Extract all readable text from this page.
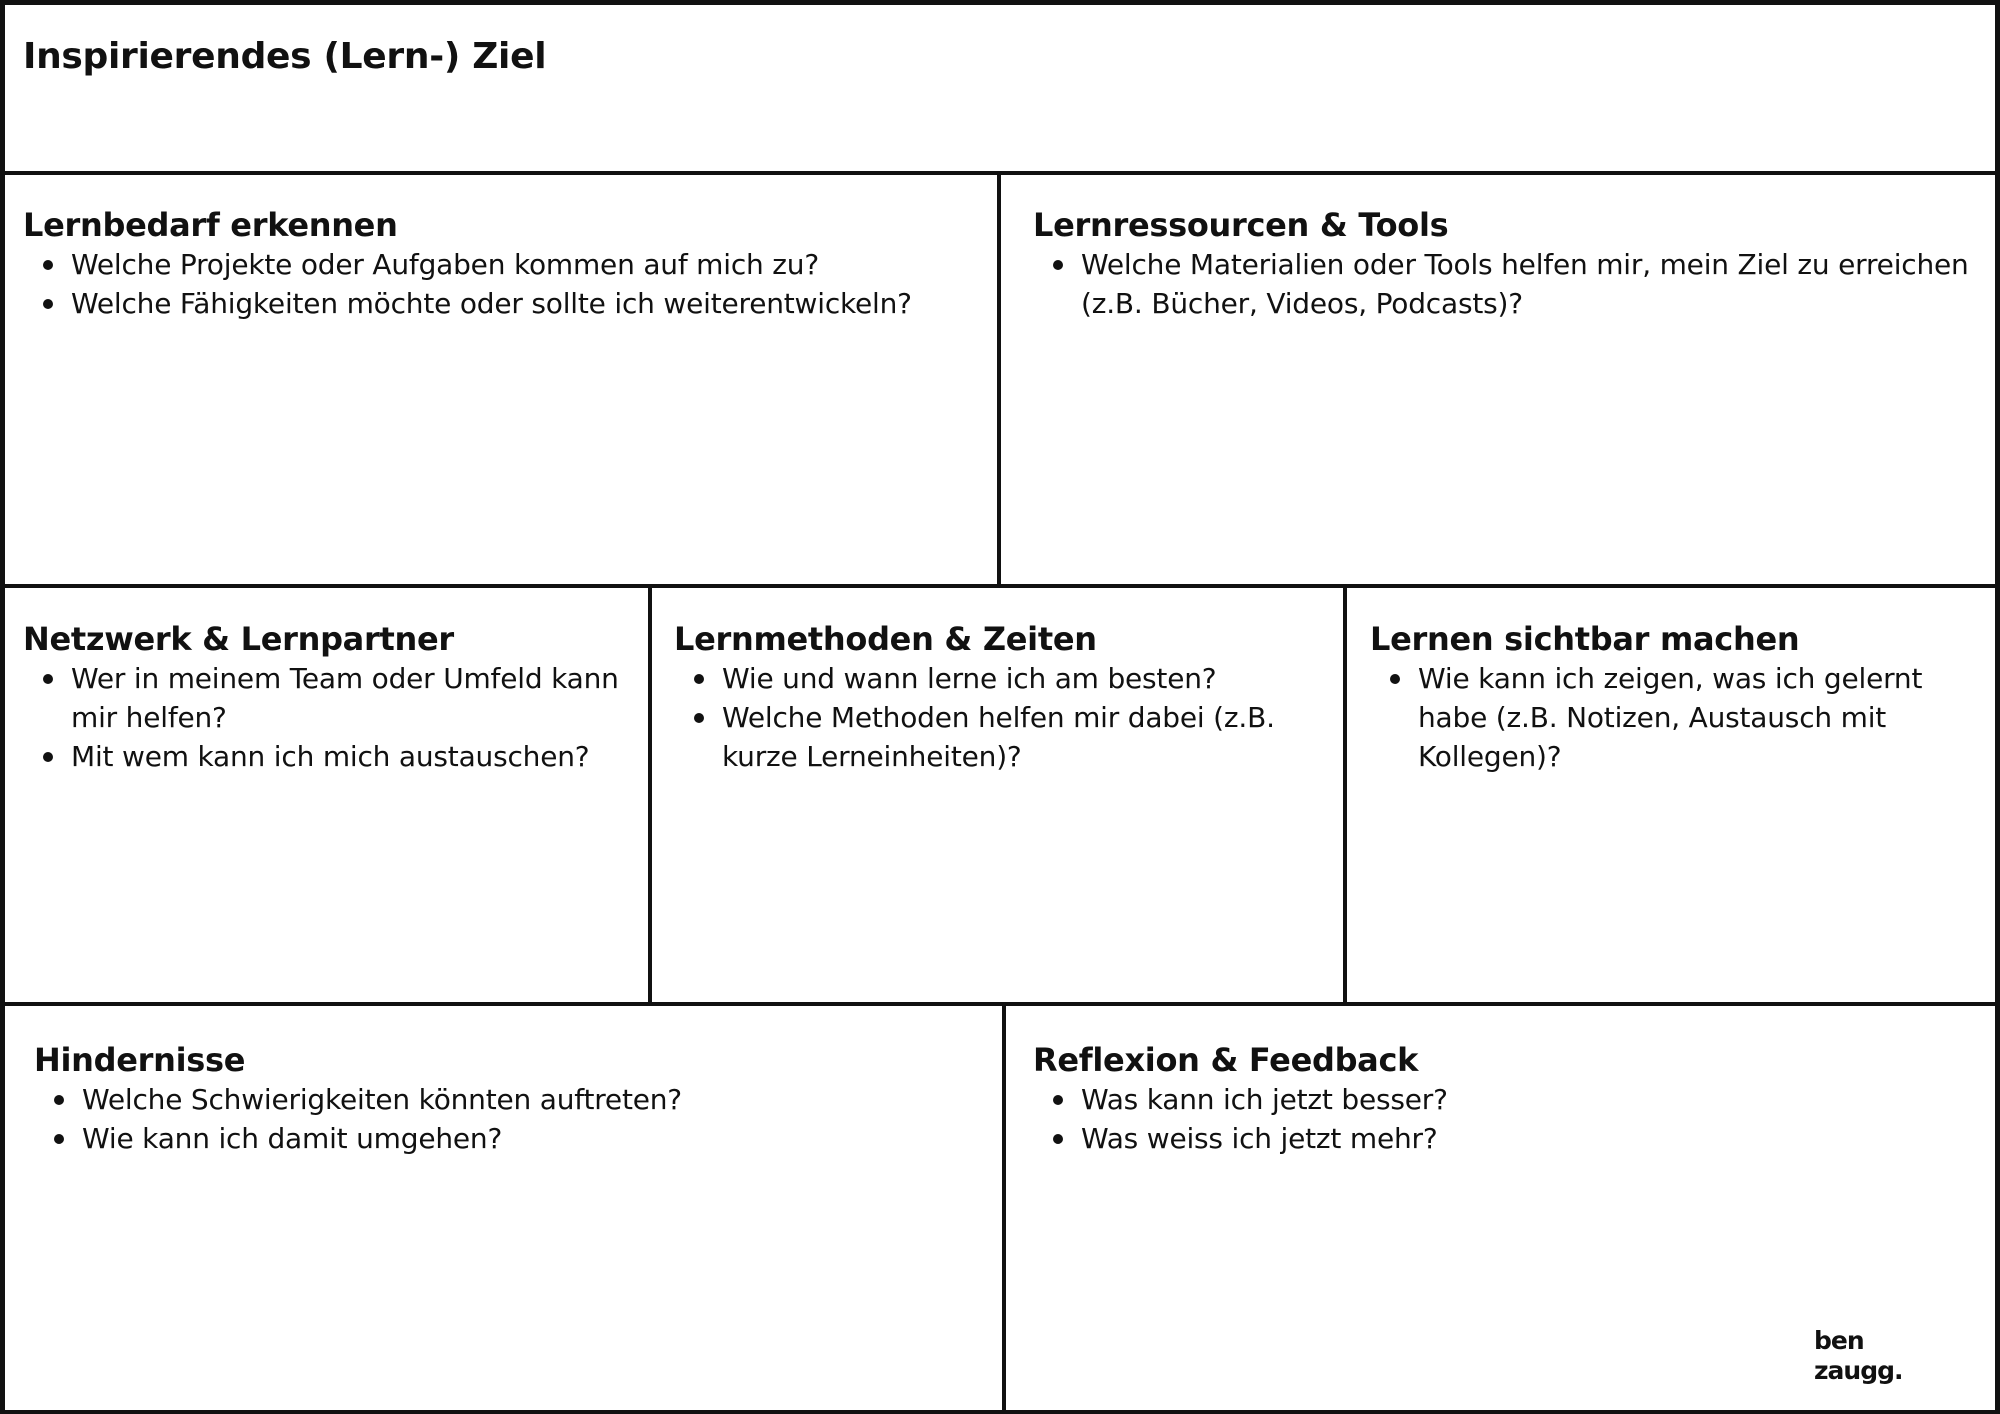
Inspirierendes (Lern-) Ziel
Lernbedarf erkennen
Welche Projekte oder Aufgaben kommen auf mich zu?
Welche Fähigkeiten möchte oder sollte ich weiterentwickeln?
Lernressourcen & Tools
Welche Materialien oder Tools helfen mir, mein Ziel zu erreichen (z.B. Bücher, Videos, Podcasts)?
Netzwerk & Lernpartner
Wer in meinem Team oder Umfeld kann mir helfen?
Mit wem kann ich mich austauschen?
Lernmethoden & Zeiten
Wie und wann lerne ich am besten?
Welche Methoden helfen mir dabei (z.B. kurze Lerneinheiten)?
Lernen sichtbar machen
Wie kann ich zeigen, was ich gelernt habe (z.B. Notizen, Austausch mit Kollegen)?
Hindernisse
Welche Schwierigkeiten könnten auftreten?
Wie kann ich damit umgehen?
Reflexion & Feedback
Was kann ich jetzt besser?
Was weiss ich jetzt mehr?
ben
zaugg.
